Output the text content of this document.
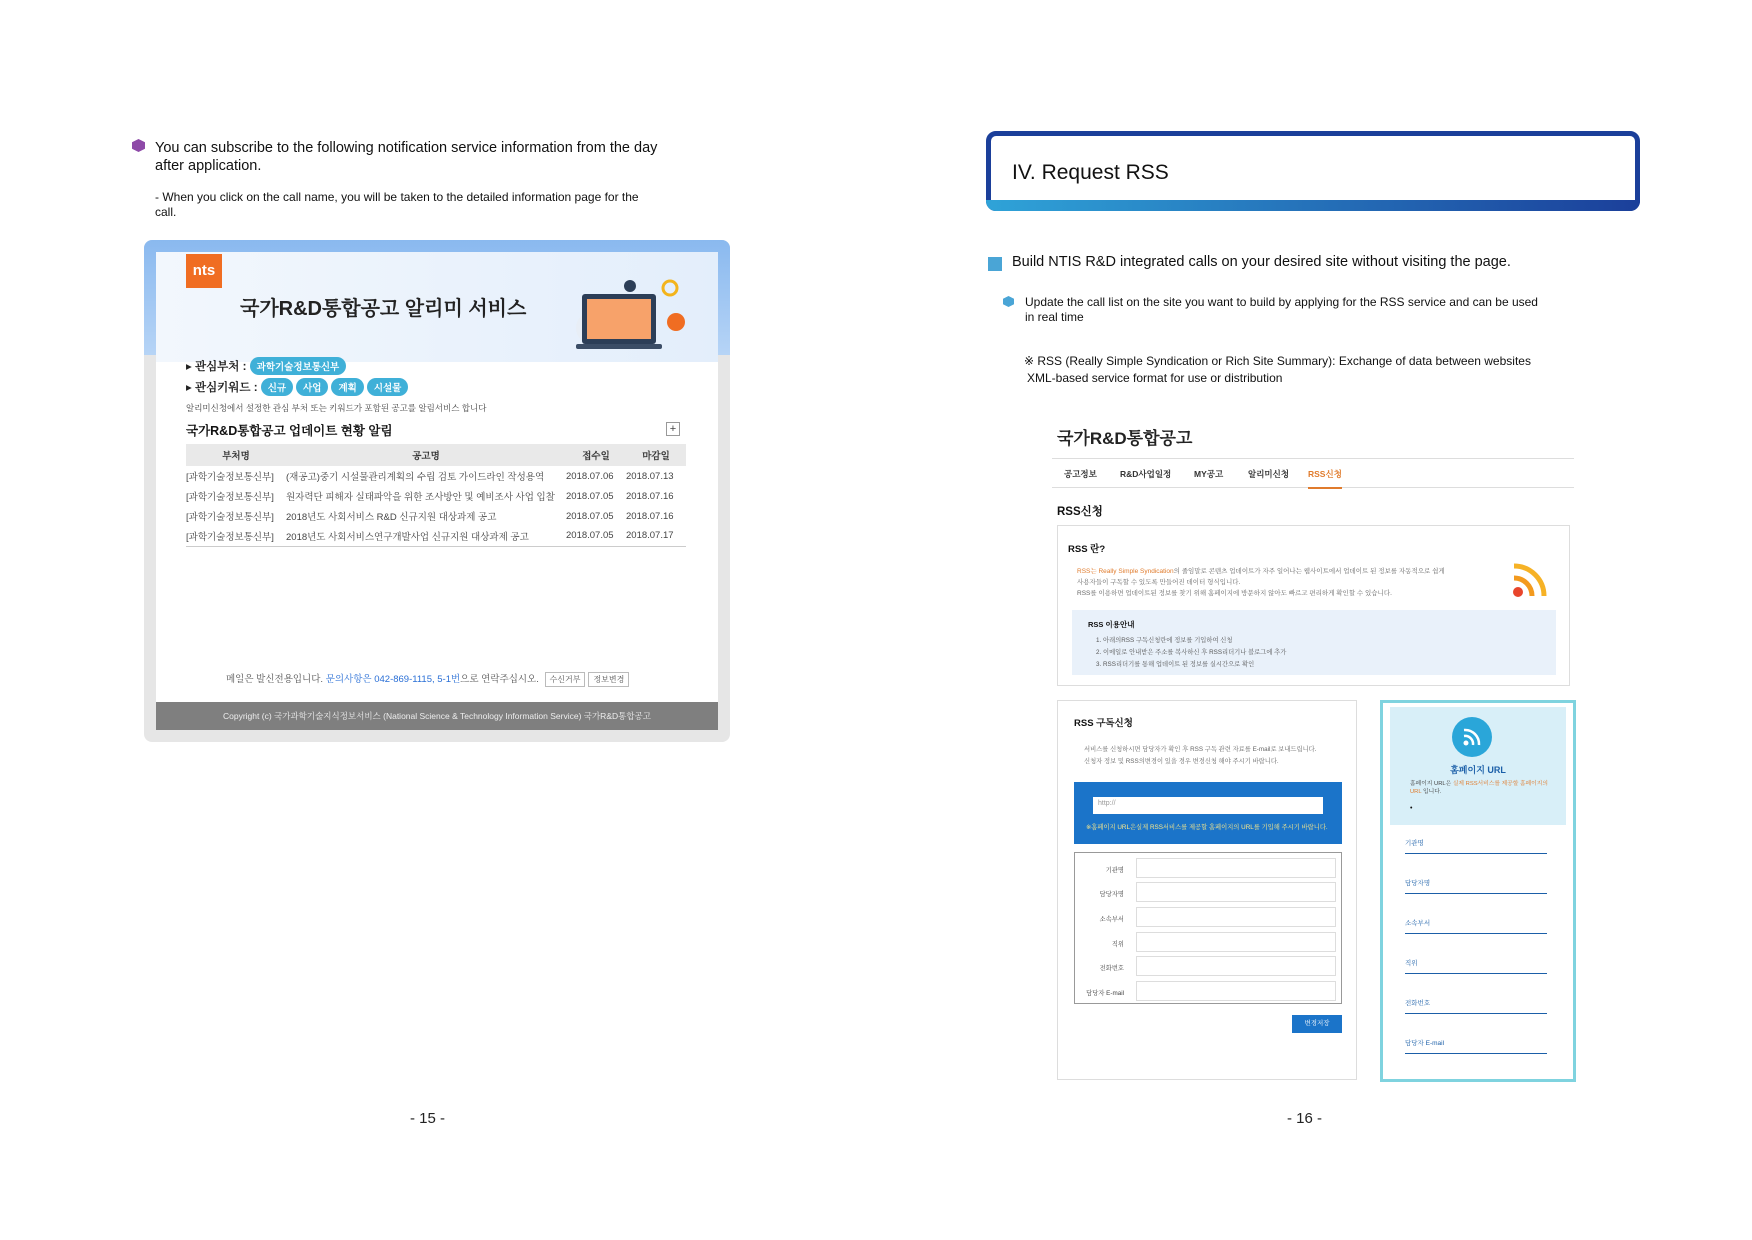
You can subscribe to the following notification service information from the day after application.
- When you click on the call name, you will be taken to the detailed information page for the call.
nts
국가R&D통합공고 알리미 서비스
▸ 관심부처 : 과학기술정보통신부
▸ 관심키워드 : 신규 사업 계획 시설물
알리미신청에서 설정한 관심 부처 또는 키워드가 포함된 공고를 알림서비스 합니다
국가R&D통합공고 업데이트 현황 알림	+
부처명	공고명	접수일	마감일
[과학기술정보통신부]	(재공고)중기 시설물관리계획의 수립 검토 가이드라인 작성용역	2018.07.06	2018.07.13
[과학기술정보통신부]	원자력단 피해자 실태파악을 위한 조사방안 및 예비조사 사업 입찰	2018.07.05	2018.07.16
[과학기술정보통신부]	2018년도 사회서비스 R&D 신규지원 대상과제 공고	2018.07.05	2018.07.16
[과학기술정보통신부]	2018년도 사회서비스연구개발사업 신규지원 대상과제 공고	2018.07.05	2018.07.17
메일은 발신전용입니다. 문의사항은 042-869-1115, 5-1번으로 연락주십시오. 수신거부 정보변경
Copyright (c) 국가과학기술지식정보서비스 (National Science & Technology Information Service) 국가R&D통합공고
- 15 -
IV. Request RSS
Build NTIS R&D integrated calls on your desired site without visiting the page.
Update the call list on the site you want to build by applying for the RSS service and can be used in real time
※ RSS (Really Simple Syndication or Rich Site Summary): Exchange of data between websites
XML-based service format for use or distribution
국가R&D통합공고
공고정보	R&D사업일정	MY공고	알리미신청 RSS신청
RSS신청
RSS 란?
RSS는 Really Simple Syndication의 줄임말로 콘텐츠 업데이트가 자주 일어나는 웹사이트에서 업데이트 된 정보를 자동적으로 쉽게
사용자들이 구독할 수 있도록 만들어진 데이터 형식입니다.
RSS를 이용하면 업데이트된 정보를 찾기 위해 홈페이지에 방문하지 않아도 빠르고 편리하게 확인할 수 있습니다.
RSS 이용안내
1. 아래의RSS 구독신청란에 정보를 기입하여 신청
2. 이메일로 안내받은 주소를 복사하신 후 RSS리더기나 블로그에 추가
3. RSS리더기를 통해 업데이트 된 정보를 실시간으로 확인
RSS 구독신청
서비스를 신청하시면 담당자가 확인 후 RSS 구독 관련 자료를 E-mail로 보내드립니다.
신청자 정보 및 RSS의변경이 있을 경우 변경신청 해야 주시기 바랍니다.
http://
※홈페이지 URL은실제 RSS서비스를 제공할 홈페이지의 URL를 기입해 주시기 바랍니다.
기관명
담당자명
소속부서
직위
전화번호
담당자 E-mail
변경저장
홈페이지 URL
홈페이지 URL은 실제 RSS서비스를 제공할 홈페이지의 URL 입니다.
•
기관명
담당자명
소속부서
직위
전화번호
담당자 E-mail
- 16 -
